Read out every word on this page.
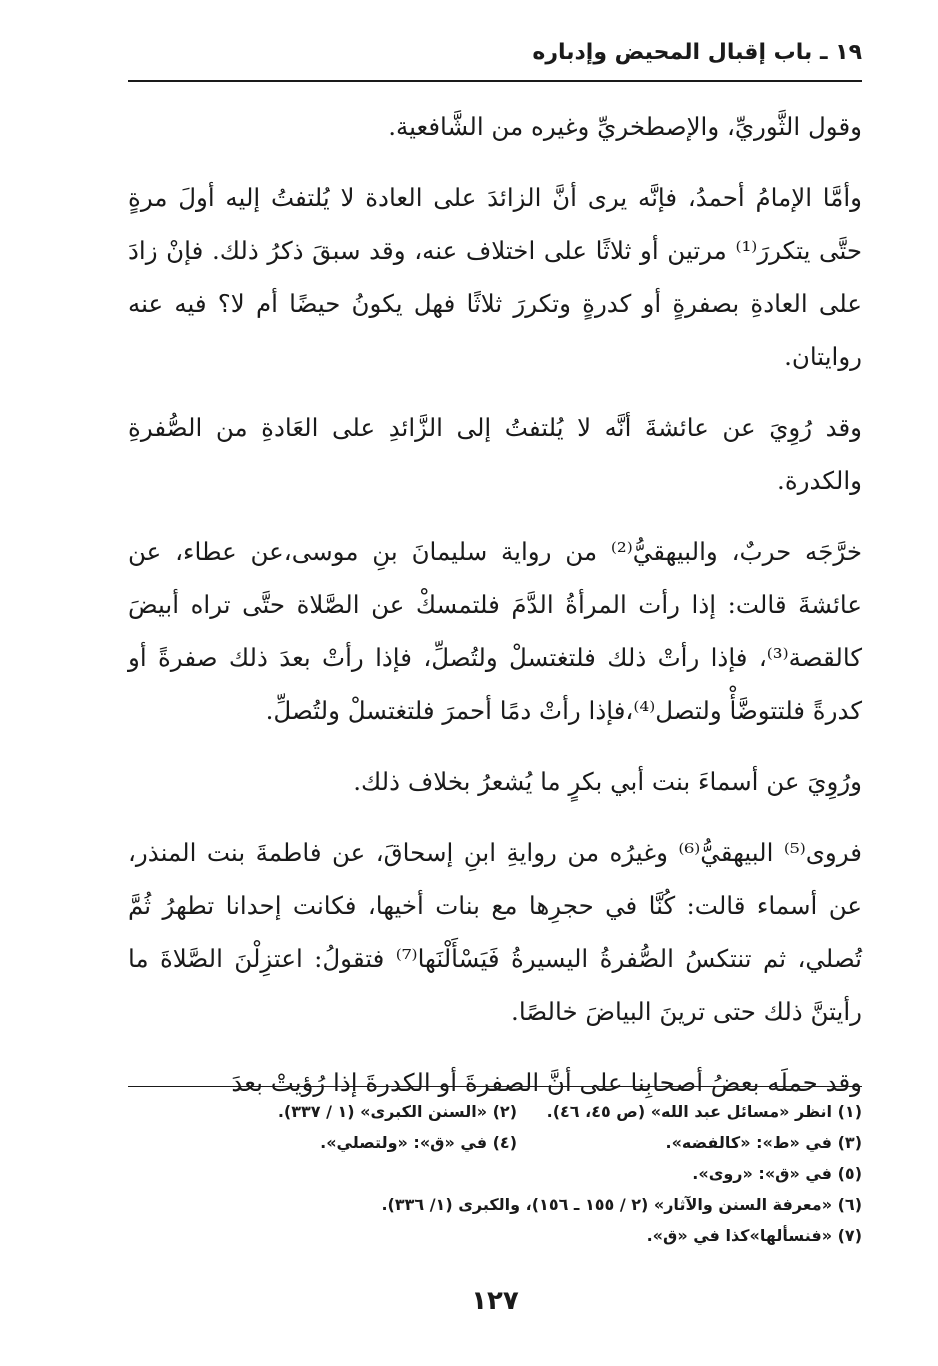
١٩ ـ باب إقبال المحيض وإدباره

وقول الثَّوريِّ، والإصطخريِّ وغيره من الشَّافعية.

وأمَّا الإمامُ أحمدُ، فإنَّه يرى أنَّ الزائدَ على العادة لا يُلتفتُ إليه أولَ مرةٍ حتَّى يتكررَ⁽¹⁾ مرتين أو ثلاثًا على اختلاف عنه، وقد سبقَ ذكرُ ذلك. فإنْ زادَ على العادةِ بصفرةٍ أو كدرةٍ وتكررَ ثلاثًا فهل يكونُ حيضًا أم لا؟ فيه عنه روايتان.

وقد رُوِيَ عن عائشةَ أنَّه لا يُلتفتُ إلى الزَّائدِ على العَادةِ من الصُّفرةِ والكدرة.

خرَّجَه حربٌ، والبيهقيُّ⁽²⁾ من رواية سليمانَ بنِ موسى،عن عطاء، عن عائشةَ قالت: إذا رأت المرأةُ الدَّمَ فلتمسكْ عن الصَّلاة حتَّى تراه أبيضَ كالقصة⁽³⁾، فإذا رأتْ ذلك فلتغتسلْ ولتُصلِّ، فإذا رأتْ بعدَ ذلك صفرةً أو كدرةً فلتتوضَّأْ ولتصل⁽⁴⁾،فإذا رأتْ دمًا أحمرَ فلتغتسلْ ولتُصلِّ.

ورُوِيَ عن أسماءَ بنت أبي بكرٍ ما يُشعرُ بخلاف ذلك.

فروى⁽⁵⁾ البيهقيُّ⁽⁶⁾ وغيرُه من روايةِ ابنِ إسحاقَ، عن فاطمةَ بنت المنذر، عن أسماء قالت: كُنَّا في حجرِها مع بنات أخيها، فكانت إحدانا تطهرُ ثُمَّ تُصلي، ثم تنتكسُ الصُّفرةُ اليسيرةُ فَيَسْأَلْنَها⁽⁷⁾ فتقولُ: اعتزِلْنَ الصَّلاةَ ما رأيتنَّ ذلك حتى ترينَ البياضَ خالصًا.

وقد حملَه بعضُ أصحابِنا على أنَّ الصفرةَ أو الكدرةَ إذا رُؤيتْ بعدَ

(١) انظر «مسائل عبد الله» (ص ٤٥، ٤٦).
(٢) «السنن الكبرى» (١ / ٣٣٧).
(٣) في «ط»: «كالفضه».
(٤) في «ق»: «ولتصلي».
(٥) في «ق»: «روى».
(٦) «معرفة السنن والآثار» (٢ / ١٥٥ ـ ١٥٦)، والكبرى (١/ ٣٣٦).
(٧) «فنسألها»كذا في «ق».
١٢٧
